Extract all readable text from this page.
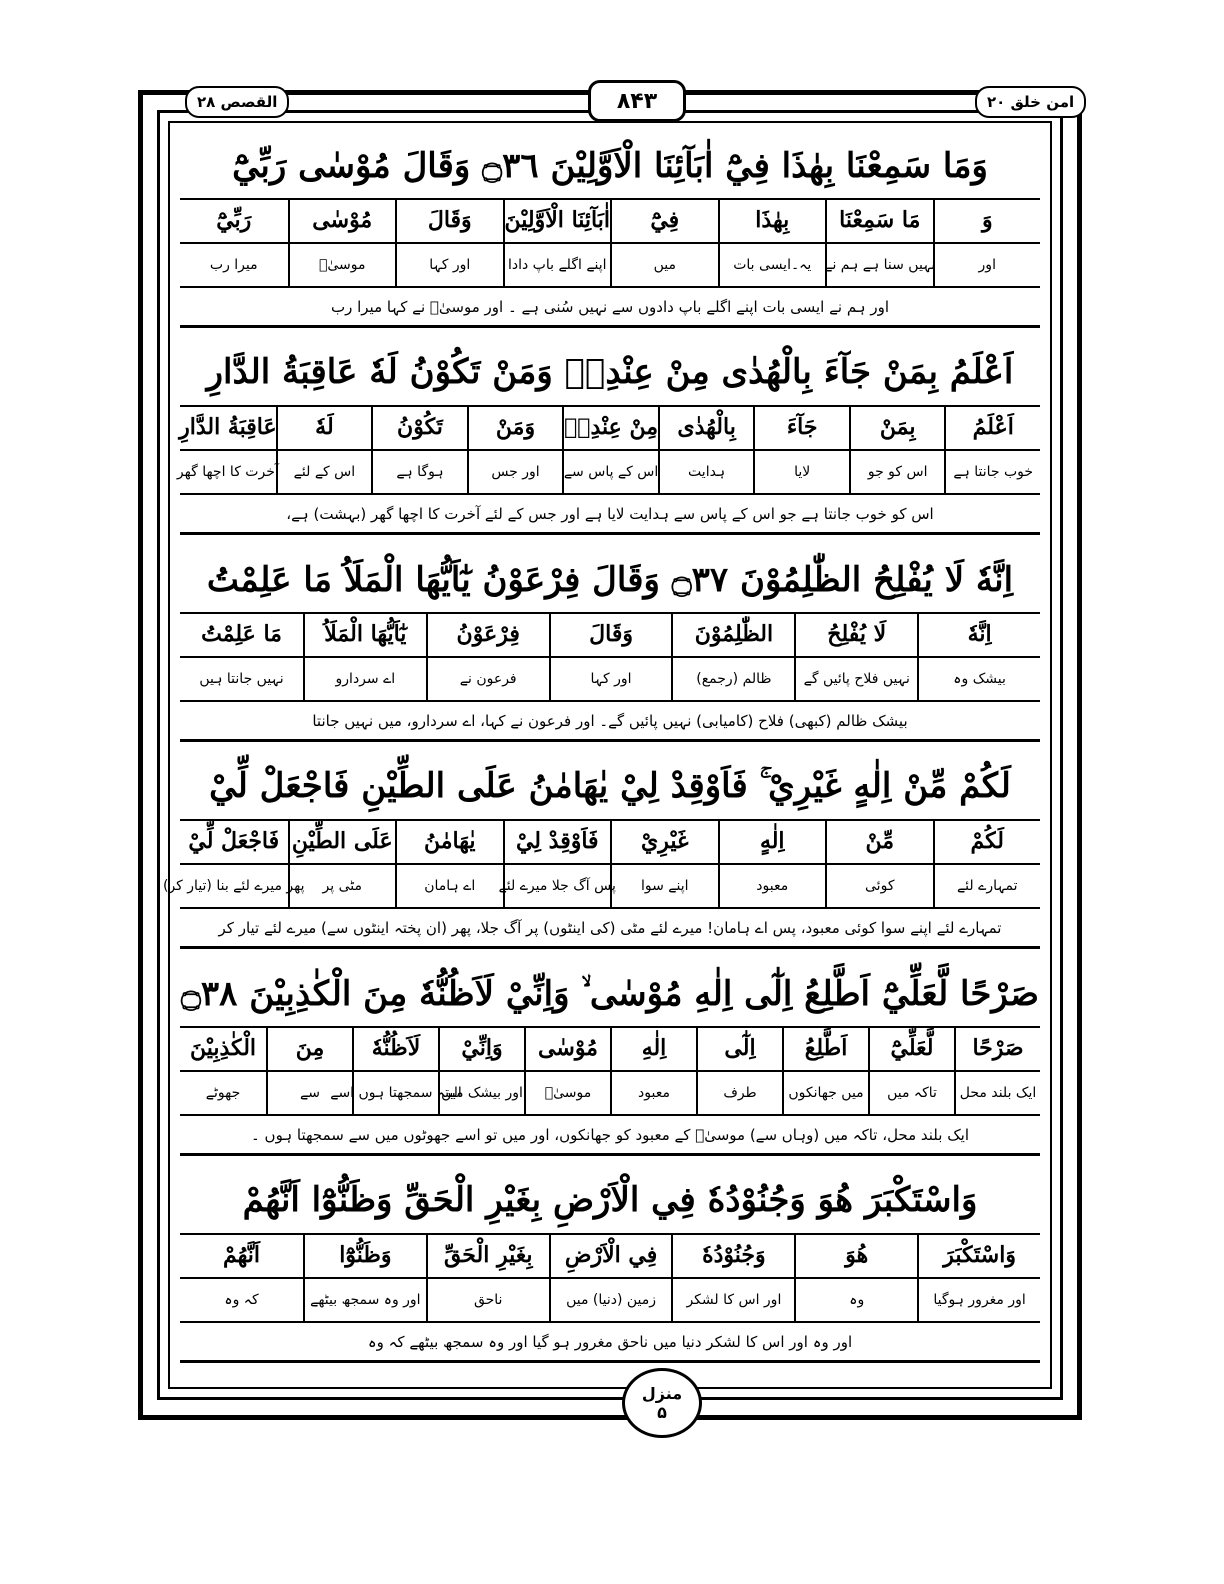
القصص ۲۸	۸۴۳	امن خلق ۲۰
وَمَا سَمِعْنَا بِهٰذَا فِيْٓ اٰبَآئِنَا الْاَوَّلِيْنَ ۝٣٦ وَقَالَ مُوْسٰى رَبِّيْٓ
وَ
مَا سَمِعْنَا
بِهٰذَا
فِيْٓ
اٰبَآئِنَا الْاَوَّلِيْنَ
وَقَالَ
مُوْسٰى
رَبِّيْٓ
اور
نہیں سنا ہے ہم نے
یہ۔ایسی بات
میں
اپنے اگلے باپ دادا
اور کہا
موسیٰؑ
میرا رب
اور ہم نے ایسی بات اپنے اگلے باپ دادوں سے نہیں سُنی ہے ۔ اور موسیٰؑ نے کہا میرا رب
اَعْلَمُ بِمَنْ جَآءَ بِالْهُدٰى مِنْ عِنْدِهٖ وَمَنْ تَكُوْنُ لَهٗ عَاقِبَةُ الدَّارِ
اَعْلَمُ
بِمَنْ
جَآءَ
بِالْهُدٰى
مِنْ عِنْدِهٖ
وَمَنْ
تَكُوْنُ
لَهٗ
عَاقِبَةُ الدَّارِ
خوب جانتا ہے
اس کو جو
لایا
ہدایت
اس کے پاس سے
اور جس
ہوگا ہے
اس کے لئے
آخرت کا اچھا گھر
اس کو خوب جانتا ہے جو اس کے پاس سے ہدایت لایا ہے اور جس کے لئے آخرت کا اچھا گھر (بہشت) ہے،
اِنَّهٗ لَا يُفْلِحُ الظّٰلِمُوْنَ ۝٣٧ وَقَالَ فِرْعَوْنُ يٰٓاَيُّهَا الْمَلَاُ مَا عَلِمْتُ
اِنَّهٗ
لَا يُفْلِحُ
الظّٰلِمُوْنَ
وَقَالَ
فِرْعَوْنُ
يٰٓاَيُّهَا الْمَلَاُ
مَا عَلِمْتُ
بیشک وہ
نہیں فلاح پائیں گے
ظالم (رجمع)
اور کہا
فرعون نے
اے سردارو
نہیں جانتا ہیں
بیشک ظالم (کبھی) فلاح (کامیابی) نہیں پائیں گے۔ اور فرعون نے کہا، اے سردارو، میں نہیں جانتا
لَكُمْ مِّنْ اِلٰهٍ غَيْرِيْ ۚ فَاَوْقِدْ لِيْ يٰهَامٰنُ عَلَى الطِّيْنِ فَاجْعَلْ لِّيْ
لَكُمْ
مِّنْ
اِلٰهٍ
غَيْرِيْ
فَاَوْقِدْ لِيْ
يٰهَامٰنُ
عَلَى الطِّيْنِ
فَاجْعَلْ لِّيْ
تمہارے لئے
کوئی
معبود
اپنے سوا
پس آگ جلا میرے لئے
اے ہامان
مٹی پر
پھر میرے لئے بنا (تیار کر)
تمہارے لئے اپنے سوا کوئی معبود، پس اے ہامان! میرے لئے مٹی (کی اینٹوں) پر آگ جلا، پھر (ان پختہ اینٹوں سے) میرے لئے تیار کر
صَرْحًا لَّعَلِّيْٓ اَطَّلِعُ اِلٰٓى اِلٰهِ مُوْسٰى ۙ وَاِنِّيْ لَاَظُنُّهٗ مِنَ الْكٰذِبِيْنَ ۝٣٨
صَرْحًا
لَّعَلِّيْٓ
اَطَّلِعُ
اِلٰٓى
اِلٰهِ
مُوْسٰى
وَاِنِّيْ
لَاَظُنُّهٗ
مِنَ
الْكٰذِبِيْنَ
ایک بلند محل
تاکہ میں
میں جھانکوں
طرف
معبود
موسیٰؑ
اور بیشک میں
البتہ سمجھتا ہوں اسے
سے
جھوٹے
ایک بلند محل، تاکہ میں (وہاں سے) موسیٰؑ کے معبود کو جھانکوں، اور میں تو اسے جھوٹوں میں سے سمجھتا ہوں ۔
وَاسْتَكْبَرَ هُوَ وَجُنُوْدُهٗ فِي الْاَرْضِ بِغَيْرِ الْحَقِّ وَظَنُّوْٓا اَنَّهُمْ
وَاسْتَكْبَرَ
هُوَ
وَجُنُوْدُهٗ
فِي الْاَرْضِ
بِغَيْرِ الْحَقِّ
وَظَنُّوْٓا
اَنَّهُمْ
اور مغرور ہوگیا
وہ
اور اس کا لشکر
زمین (دنیا) میں
ناحق
اور وہ سمجھ بیٹھے
کہ وہ
اور وہ اور اس کا لشکر دنیا میں ناحق مغرور ہو گیا اور وہ سمجھ بیٹھے کہ وہ
منزل
۵
